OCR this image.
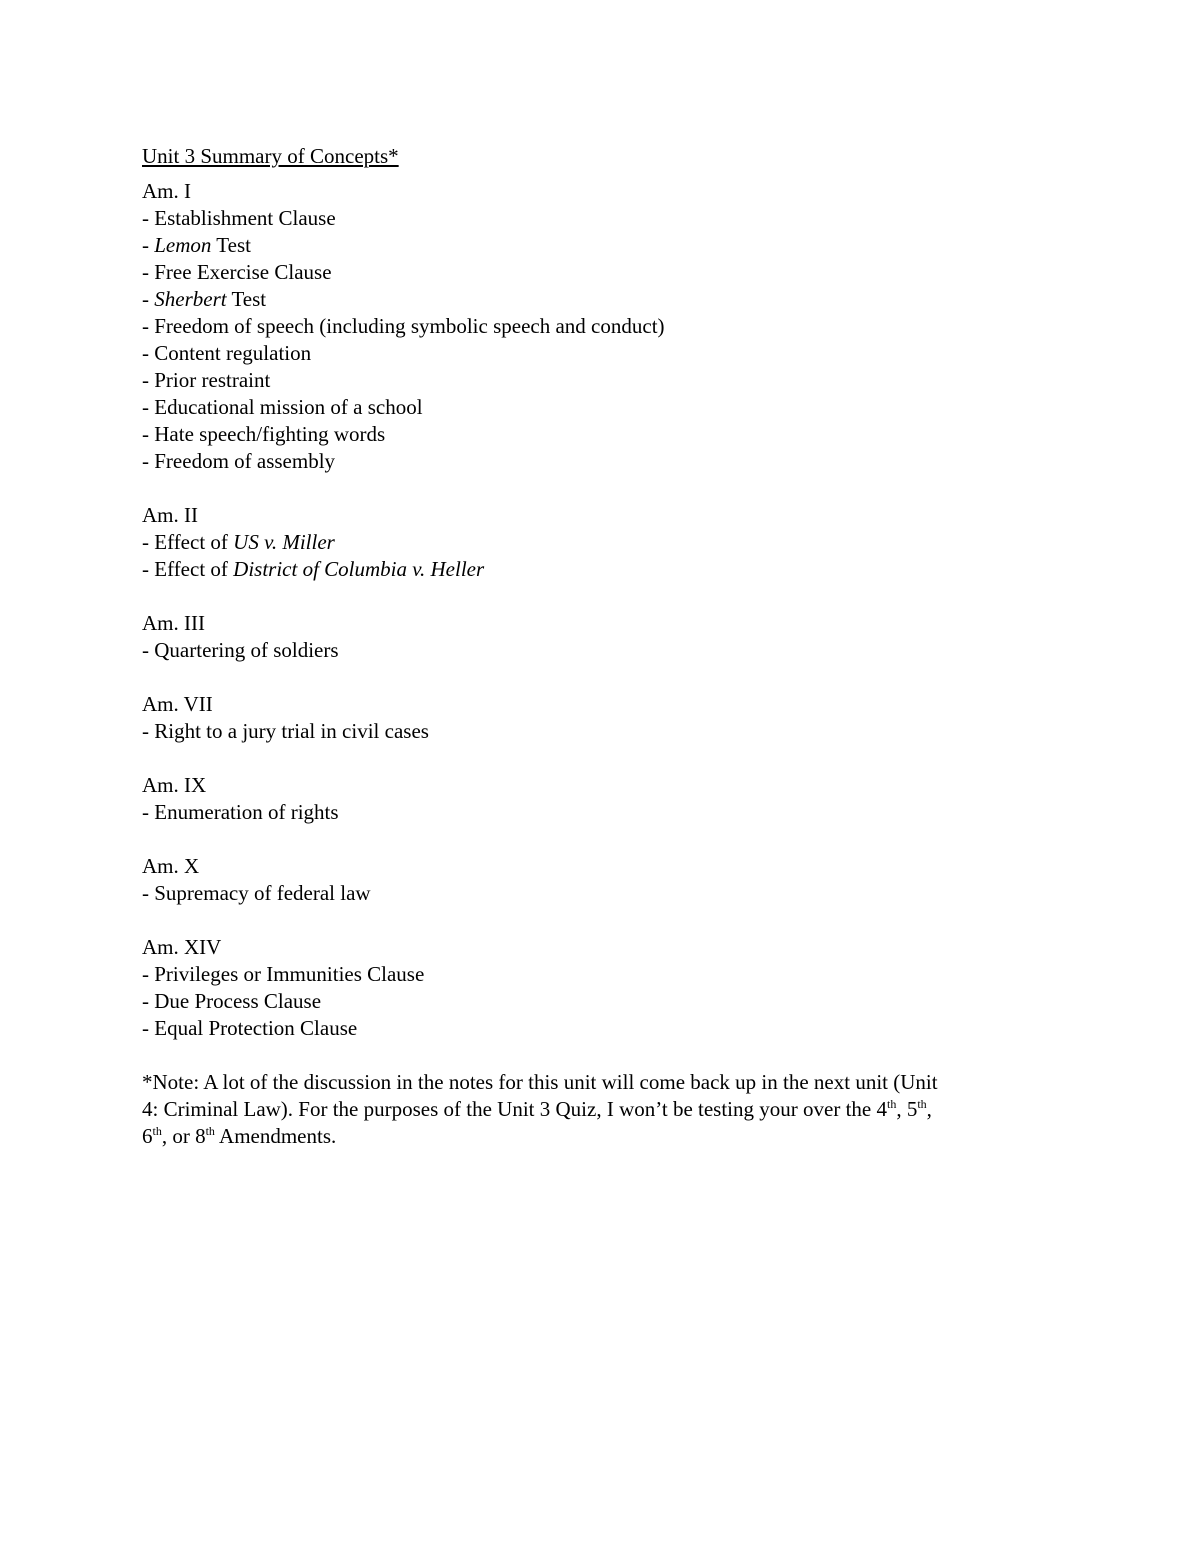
Unit 3 Summary of Concepts*
Am. I
- Establishment Clause
- Lemon Test
- Free Exercise Clause
- Sherbert Test
- Freedom of speech (including symbolic speech and conduct)
- Content regulation
- Prior restraint
- Educational mission of a school
- Hate speech/fighting words
- Freedom of assembly
Am. II
- Effect of US v. Miller
- Effect of District of Columbia v. Heller
Am. III
- Quartering of soldiers
Am. VII
- Right to a jury trial in civil cases
Am. IX
- Enumeration of rights
Am. X
- Supremacy of federal law
Am. XIV
- Privileges or Immunities Clause
- Due Process Clause
- Equal Protection Clause
*Note: A lot of the discussion in the notes for this unit will come back up in the next unit (Unit
4: Criminal Law). For the purposes of the Unit 3 Quiz, I won’t be testing your over the 4th, 5th,
6th, or 8th Amendments.
